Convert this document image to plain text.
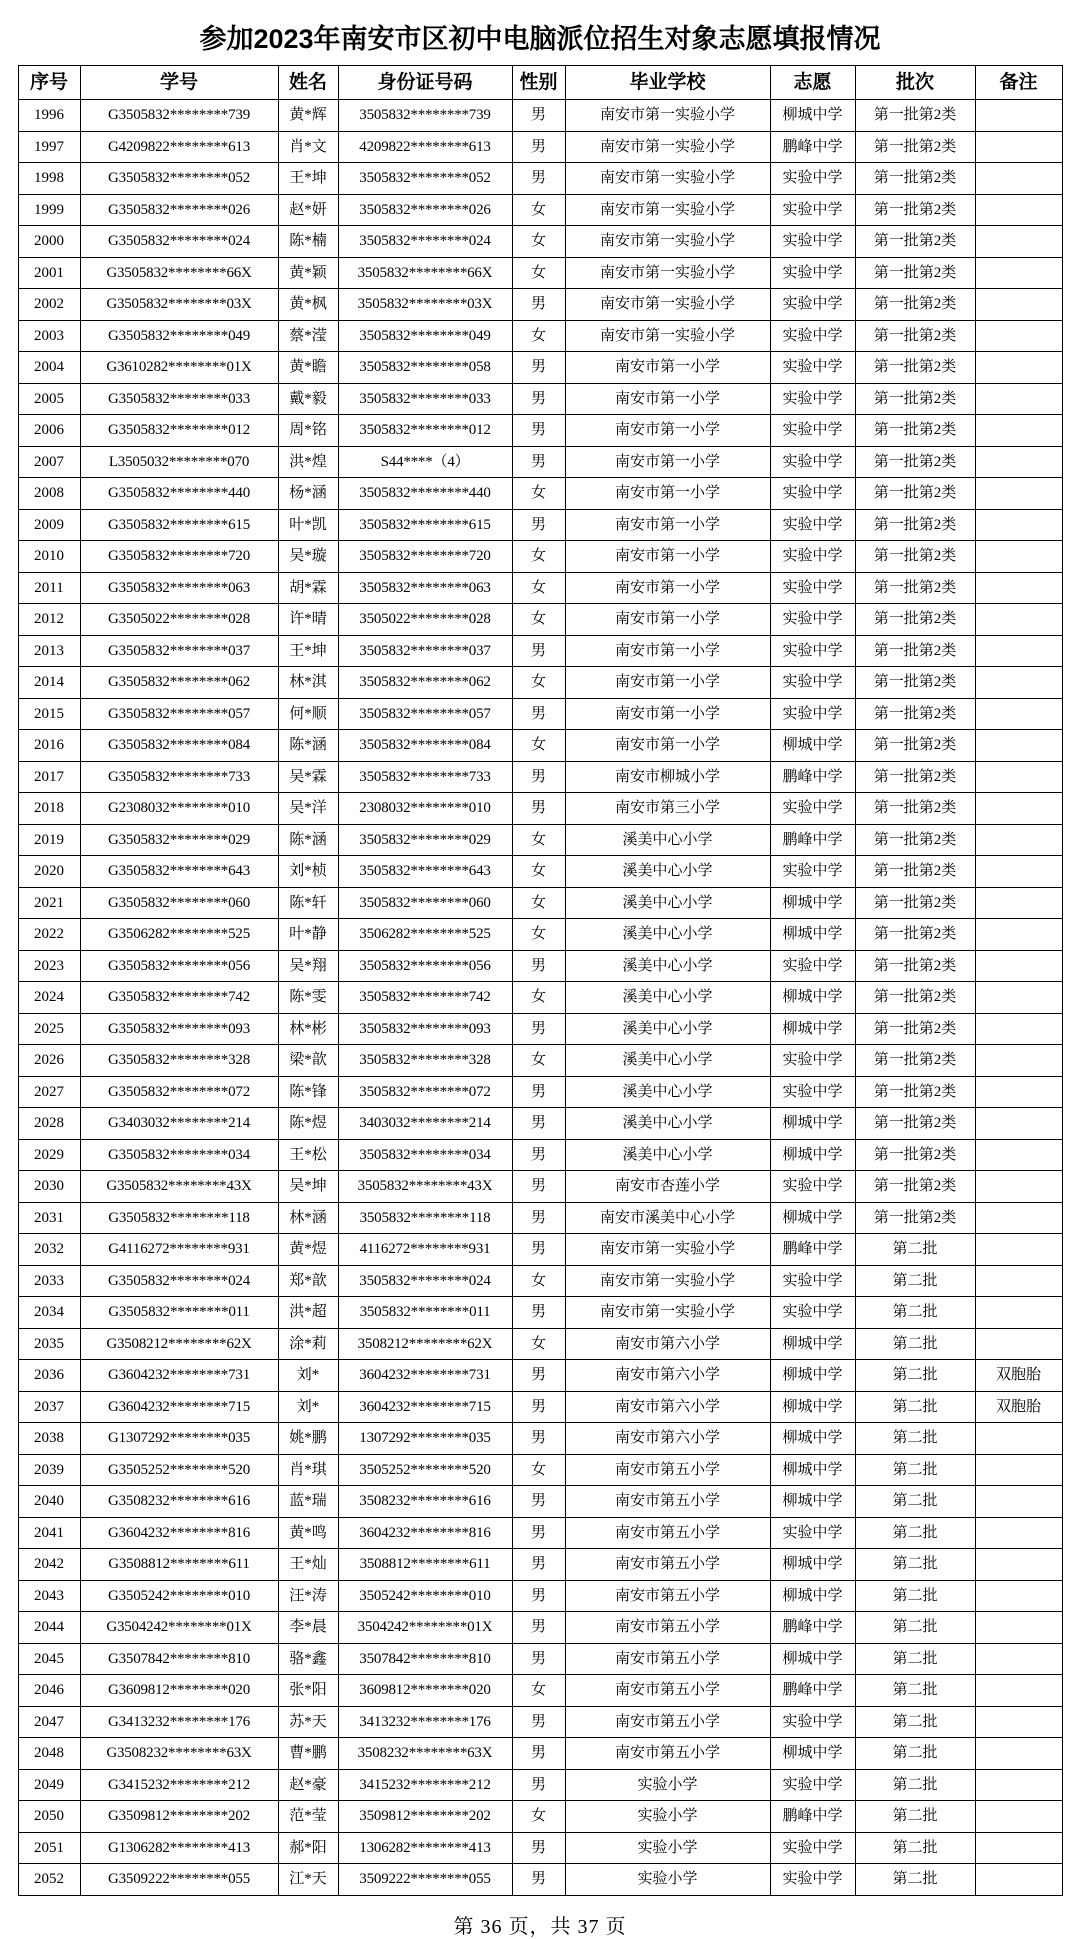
参加2023年南安市区初中电脑派位招生对象志愿填报情况
序号	学号	姓名	身份证号码	性别	毕业学校	志愿	批次	备注
1996	G3505832********739	黄*辉	3505832********739	男	南安市第一实验小学	柳城中学	第一批第2类	
1997	G4209822********613	肖*文	4209822********613	男	南安市第一实验小学	鹏峰中学	第一批第2类	
1998	G3505832********052	王*坤	3505832********052	男	南安市第一实验小学	实验中学	第一批第2类	
1999	G3505832********026	赵*妍	3505832********026	女	南安市第一实验小学	实验中学	第一批第2类	
2000	G3505832********024	陈*楠	3505832********024	女	南安市第一实验小学	实验中学	第一批第2类	
2001	G3505832********66X	黄*颖	3505832********66X	女	南安市第一实验小学	实验中学	第一批第2类	
2002	G3505832********03X	黄*枫	3505832********03X	男	南安市第一实验小学	实验中学	第一批第2类	
2003	G3505832********049	蔡*滢	3505832********049	女	南安市第一实验小学	实验中学	第一批第2类	
2004	G3610282********01X	黄*瞻	3505832********058	男	南安市第一小学	实验中学	第一批第2类	
2005	G3505832********033	戴*毅	3505832********033	男	南安市第一小学	实验中学	第一批第2类	
2006	G3505832********012	周*铭	3505832********012	男	南安市第一小学	实验中学	第一批第2类	
2007	L3505032********070	洪*煌	S44****（4）	男	南安市第一小学	实验中学	第一批第2类	
2008	G3505832********440	杨*涵	3505832********440	女	南安市第一小学	实验中学	第一批第2类	
2009	G3505832********615	叶*凯	3505832********615	男	南安市第一小学	实验中学	第一批第2类	
2010	G3505832********720	吴*璇	3505832********720	女	南安市第一小学	实验中学	第一批第2类	
2011	G3505832********063	胡*霖	3505832********063	女	南安市第一小学	实验中学	第一批第2类	
2012	G3505022********028	许*晴	3505022********028	女	南安市第一小学	实验中学	第一批第2类	
2013	G3505832********037	王*坤	3505832********037	男	南安市第一小学	实验中学	第一批第2类	
2014	G3505832********062	林*淇	3505832********062	女	南安市第一小学	实验中学	第一批第2类	
2015	G3505832********057	何*顺	3505832********057	男	南安市第一小学	实验中学	第一批第2类	
2016	G3505832********084	陈*涵	3505832********084	女	南安市第一小学	柳城中学	第一批第2类	
2017	G3505832********733	吴*霖	3505832********733	男	南安市柳城小学	鹏峰中学	第一批第2类	
2018	G2308032********010	吴*洋	2308032********010	男	南安市第三小学	实验中学	第一批第2类	
2019	G3505832********029	陈*涵	3505832********029	女	溪美中心小学	鹏峰中学	第一批第2类	
2020	G3505832********643	刘*桢	3505832********643	女	溪美中心小学	实验中学	第一批第2类	
2021	G3505832********060	陈*轩	3505832********060	女	溪美中心小学	柳城中学	第一批第2类	
2022	G3506282********525	叶*静	3506282********525	女	溪美中心小学	柳城中学	第一批第2类	
2023	G3505832********056	吴*翔	3505832********056	男	溪美中心小学	实验中学	第一批第2类	
2024	G3505832********742	陈*雯	3505832********742	女	溪美中心小学	柳城中学	第一批第2类	
2025	G3505832********093	林*彬	3505832********093	男	溪美中心小学	柳城中学	第一批第2类	
2026	G3505832********328	梁*歆	3505832********328	女	溪美中心小学	实验中学	第一批第2类	
2027	G3505832********072	陈*锋	3505832********072	男	溪美中心小学	实验中学	第一批第2类	
2028	G3403032********214	陈*煜	3403032********214	男	溪美中心小学	柳城中学	第一批第2类	
2029	G3505832********034	王*松	3505832********034	男	溪美中心小学	柳城中学	第一批第2类	
2030	G3505832********43X	吴*坤	3505832********43X	男	南安市杏莲小学	实验中学	第一批第2类	
2031	G3505832********118	林*涵	3505832********118	男	南安市溪美中心小学	柳城中学	第一批第2类	
2032	G4116272********931	黄*煜	4116272********931	男	南安市第一实验小学	鹏峰中学	第二批	
2033	G3505832********024	郑*歆	3505832********024	女	南安市第一实验小学	实验中学	第二批	
2034	G3505832********011	洪*超	3505832********011	男	南安市第一实验小学	实验中学	第二批	
2035	G3508212********62X	涂*莉	3508212********62X	女	南安市第六小学	柳城中学	第二批	
2036	G3604232********731	刘*	3604232********731	男	南安市第六小学	柳城中学	第二批	双胞胎
2037	G3604232********715	刘*	3604232********715	男	南安市第六小学	柳城中学	第二批	双胞胎
2038	G1307292********035	姚*鹏	1307292********035	男	南安市第六小学	柳城中学	第二批	
2039	G3505252********520	肖*琪	3505252********520	女	南安市第五小学	柳城中学	第二批	
2040	G3508232********616	蓝*瑞	3508232********616	男	南安市第五小学	柳城中学	第二批	
2041	G3604232********816	黄*鸣	3604232********816	男	南安市第五小学	实验中学	第二批	
2042	G3508812********611	王*灿	3508812********611	男	南安市第五小学	柳城中学	第二批	
2043	G3505242********010	汪*涛	3505242********010	男	南安市第五小学	柳城中学	第二批	
2044	G3504242********01X	李*晨	3504242********01X	男	南安市第五小学	鹏峰中学	第二批	
2045	G3507842********810	骆*鑫	3507842********810	男	南安市第五小学	柳城中学	第二批	
2046	G3609812********020	张*阳	3609812********020	女	南安市第五小学	鹏峰中学	第二批	
2047	G3413232********176	苏*天	3413232********176	男	南安市第五小学	实验中学	第二批	
2048	G3508232********63X	曹*鹏	3508232********63X	男	南安市第五小学	柳城中学	第二批	
2049	G3415232********212	赵*豪	3415232********212	男	实验小学	实验中学	第二批	
2050	G3509812********202	范*莹	3509812********202	女	实验小学	鹏峰中学	第二批	
2051	G1306282********413	郝*阳	1306282********413	男	实验小学	实验中学	第二批	
2052	G3509222********055	江*天	3509222********055	男	实验小学	实验中学	第二批	
第 36 页，共 37 页
